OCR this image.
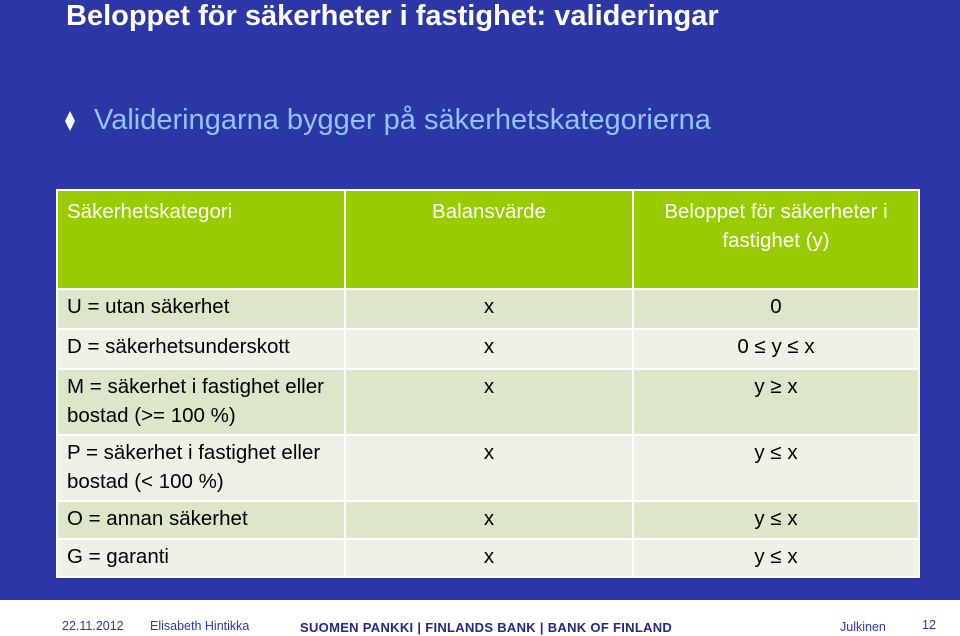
Beloppet för säkerheter i fastighet: valideringar
Valideringarna bygger på säkerhetskategorierna
Säkerhetskategori	Balansvärde	Beloppet för säkerheter i fastighet (y)
U = utan säkerhet	x	0
D = säkerhetsunderskott	x	0 ≤ y ≤ x
M = säkerhet i fastighet eller bostad (>= 100 %)	x	y ≥ x
P = säkerhet i fastighet eller bostad (< 100 %)	x	y ≤ x
O = annan säkerhet	x	y ≤ x
G = garanti	x	y ≤ x
22.11.2012 Elisabeth Hintikka	SUOMEN PANKKI | FINLANDS BANK | BANK OF FINLAND	Julkinen	12
